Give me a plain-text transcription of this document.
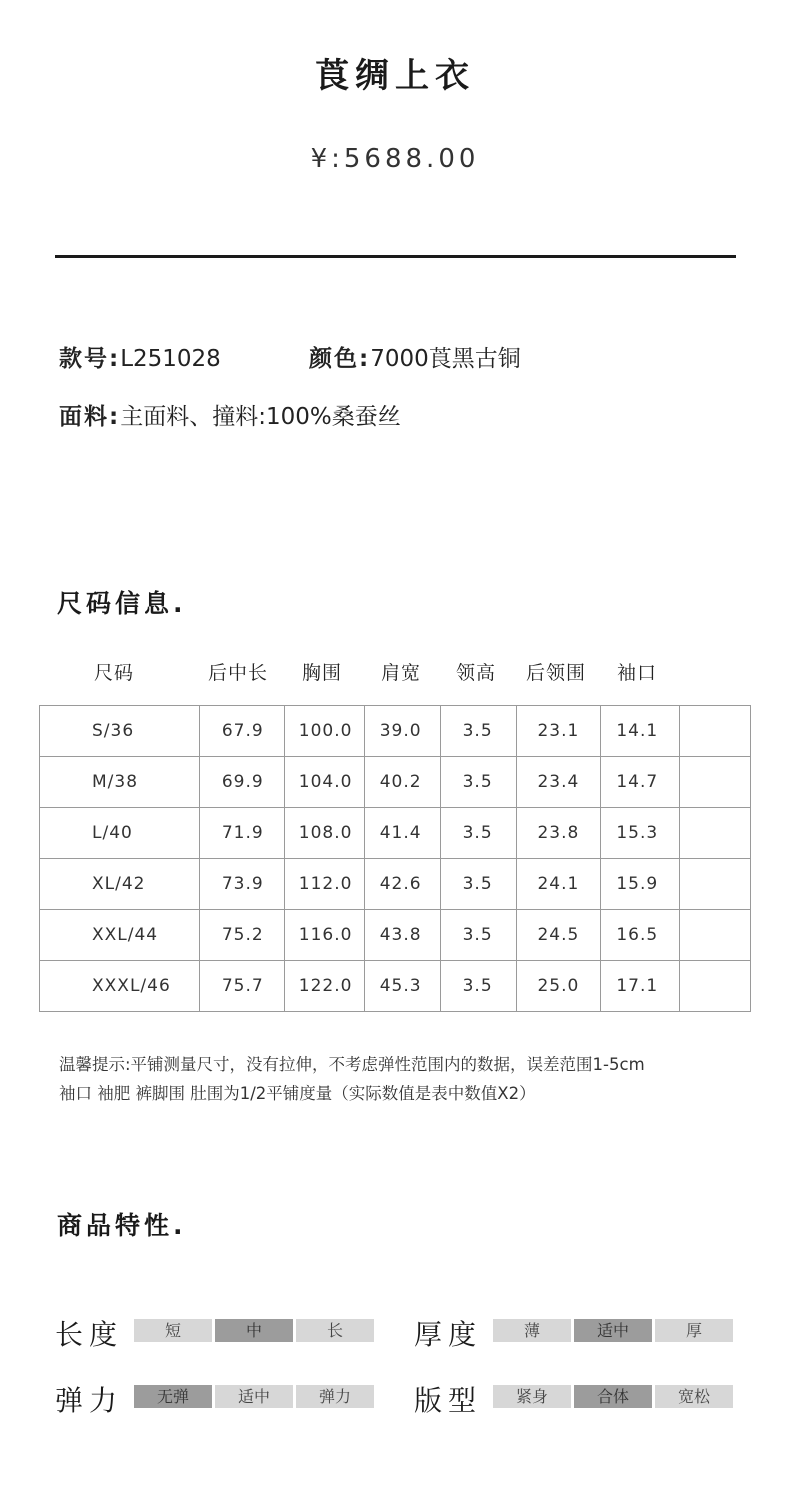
莨绸上衣
¥:5688.00
款号:L251028	颜色:7000莨黑古铜
面料:主面料、撞料:100%桑蚕丝
尺码信息.
尺码	后中长 胸围 肩宽 领高 后领围 袖口
S/36	67.9	100.0	39.0	3.5	23.1	14.1	
M/38	69.9	104.0	40.2	3.5	23.4	14.7	
L/40	71.9	108.0	41.4	3.5	23.8	15.3	
XL/42	73.9	112.0	42.6	3.5	24.1	15.9	
XXL/44	75.2	116.0	43.8	3.5	24.5	16.5	
XXXL/46	75.7	122.0	45.3	3.5	25.0	17.1	
温馨提示:平铺测量尺寸，没有拉伸，不考虑弹性范围内的数据，误差范围1-5cm
袖口 袖肥 裤脚围 肚围为1/2平铺度量（实际数值是表中数值X2）
商品特性.
长度	短	中	长	厚度	薄	适中	厚
弹力	无弹	适中	弹力	版型	紧身	合体	宽松
